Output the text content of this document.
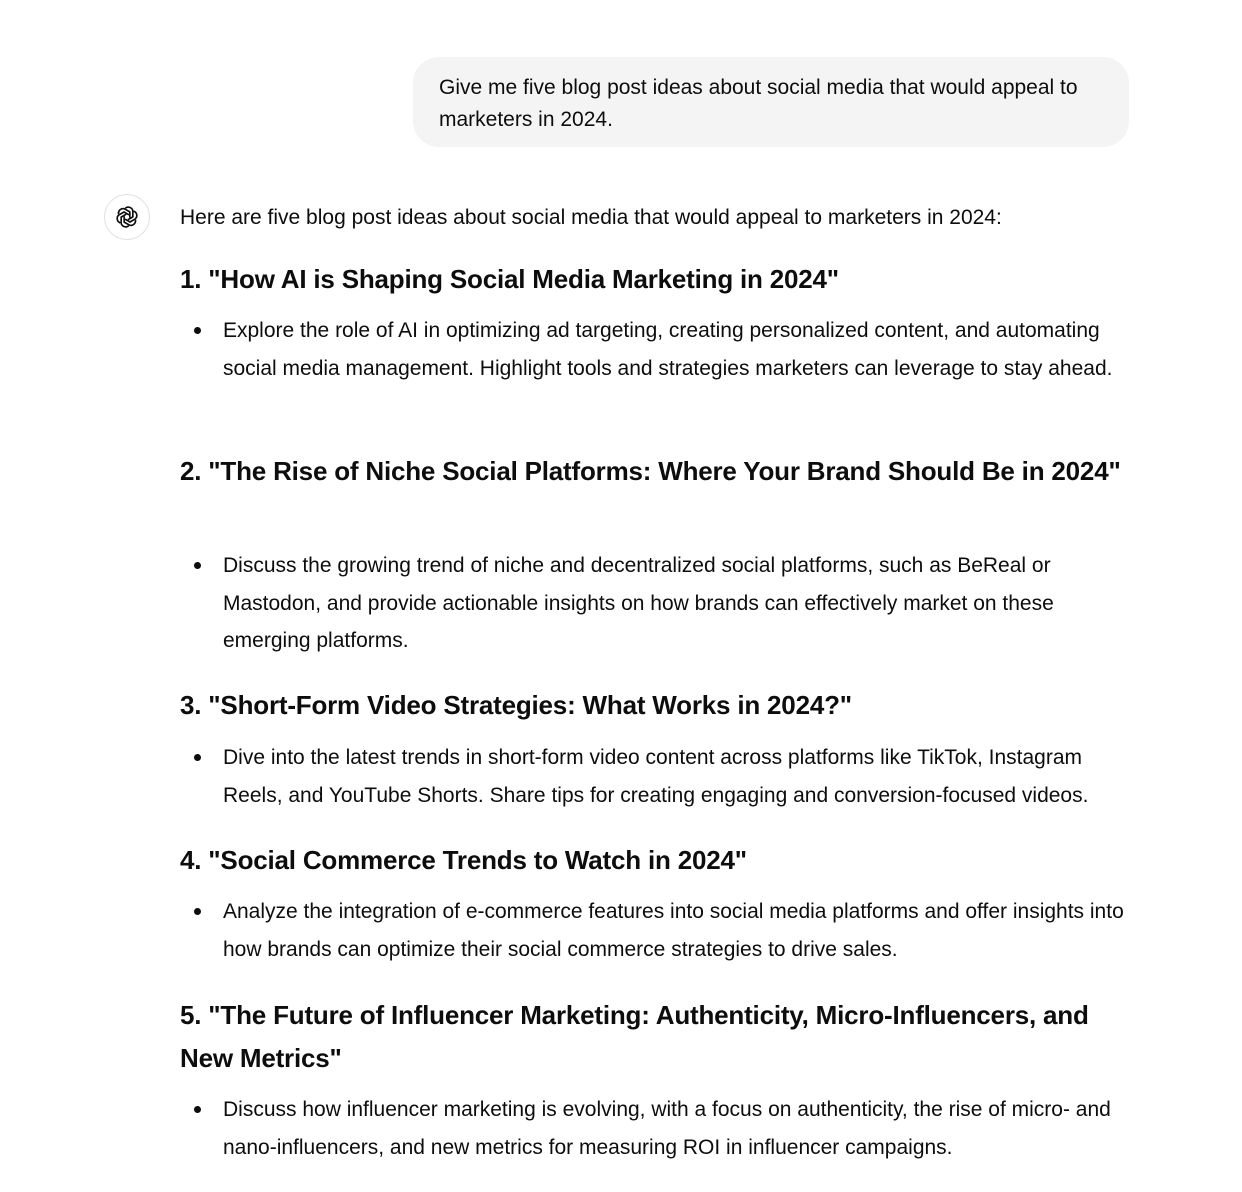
Give me five blog post ideas about social media that would appeal to marketers in 2024.
Here are five blog post ideas about social media that would appeal to marketers in 2024:
1. "How AI is Shaping Social Media Marketing in 2024"
Explore the role of AI in optimizing ad targeting, creating personalized content, and automating social media management. Highlight tools and strategies marketers can leverage to stay ahead.
2. "The Rise of Niche Social Platforms: Where Your Brand Should Be in 2024"
Discuss the growing trend of niche and decentralized social platforms, such as BeReal or Mastodon, and provide actionable insights on how brands can effectively market on these emerging platforms.
3. "Short-Form Video Strategies: What Works in 2024?"
Dive into the latest trends in short-form video content across platforms like TikTok, Instagram Reels, and YouTube Shorts. Share tips for creating engaging and conversion-focused videos.
4. "Social Commerce Trends to Watch in 2024"
Analyze the integration of e-commerce features into social media platforms and offer insights into how brands can optimize their social commerce strategies to drive sales.
5. "The Future of Influencer Marketing: Authenticity, Micro-Influencers, and New Metrics"
Discuss how influencer marketing is evolving, with a focus on authenticity, the rise of micro- and nano-influencers, and new metrics for measuring ROI in influencer campaigns.
